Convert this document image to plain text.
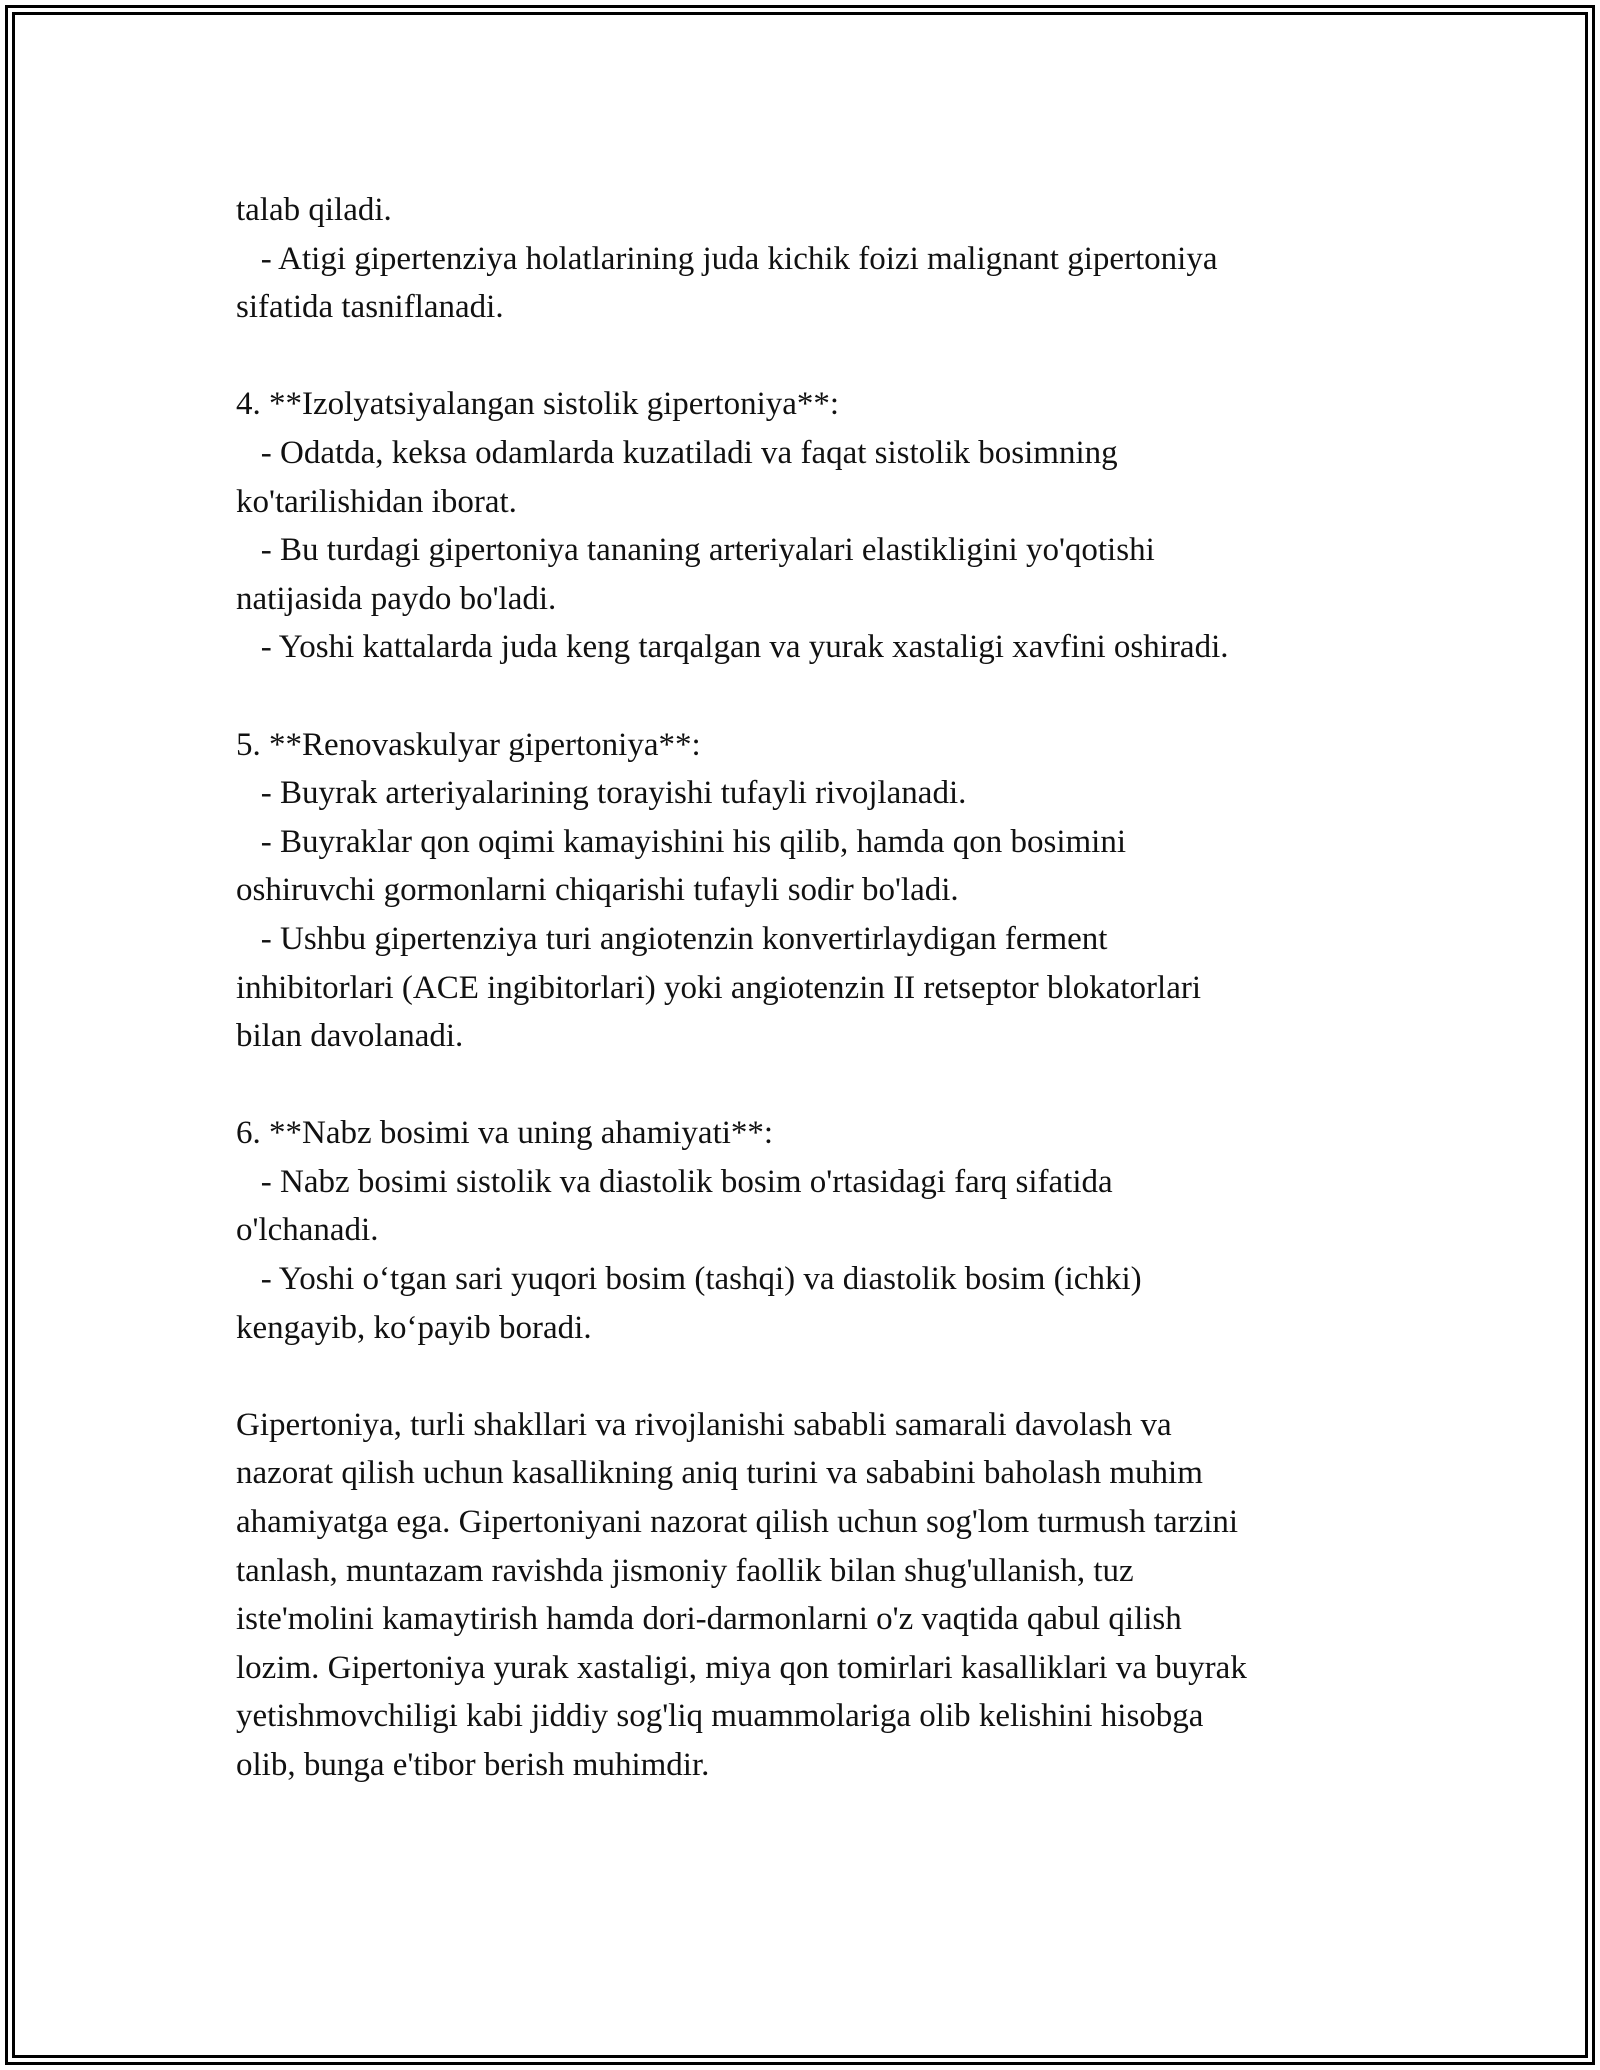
talab qiladi.
- Atigi gipertenziya holatlarining juda kichik foizi malignant gipertoniya
sifatida tasniflanadi.
4. **Izolyatsiyalangan sistolik gipertoniya**:
- Odatda, keksa odamlarda kuzatiladi va faqat sistolik bosimning
ko'tarilishidan iborat.
- Bu turdagi gipertoniya tananing arteriyalari elastikligini yo'qotishi
natijasida paydo bo'ladi.
- Yoshi kattalarda juda keng tarqalgan va yurak xastaligi xavfini oshiradi.
5. **Renovaskulyar gipertoniya**:
- Buyrak arteriyalarining torayishi tufayli rivojlanadi.
- Buyraklar qon oqimi kamayishini his qilib, hamda qon bosimini
oshiruvchi gormonlarni chiqarishi tufayli sodir bo'ladi.
- Ushbu gipertenziya turi angiotenzin konvertirlaydigan ferment
inhibitorlari (ACE ingibitorlari) yoki angiotenzin II retseptor blokatorlari
bilan davolanadi.
6. **Nabz bosimi va uning ahamiyati**:
- Nabz bosimi sistolik va diastolik bosim o'rtasidagi farq sifatida
o'lchanadi.
- Yoshi o‘tgan sari yuqori bosim (tashqi) va diastolik bosim (ichki)
kengayib, ko‘payib boradi.
Gipertoniya, turli shakllari va rivojlanishi sababli samarali davolash va
nazorat qilish uchun kasallikning aniq turini va sababini baholash muhim
ahamiyatga ega. Gipertoniyani nazorat qilish uchun sog'lom turmush tarzini
tanlash, muntazam ravishda jismoniy faollik bilan shug'ullanish, tuz
iste'molini kamaytirish hamda dori-darmonlarni o'z vaqtida qabul qilish
lozim. Gipertoniya yurak xastaligi, miya qon tomirlari kasalliklari va buyrak
yetishmovchiligi kabi jiddiy sog'liq muammolariga olib kelishini hisobga
olib, bunga e'tibor berish muhimdir.
